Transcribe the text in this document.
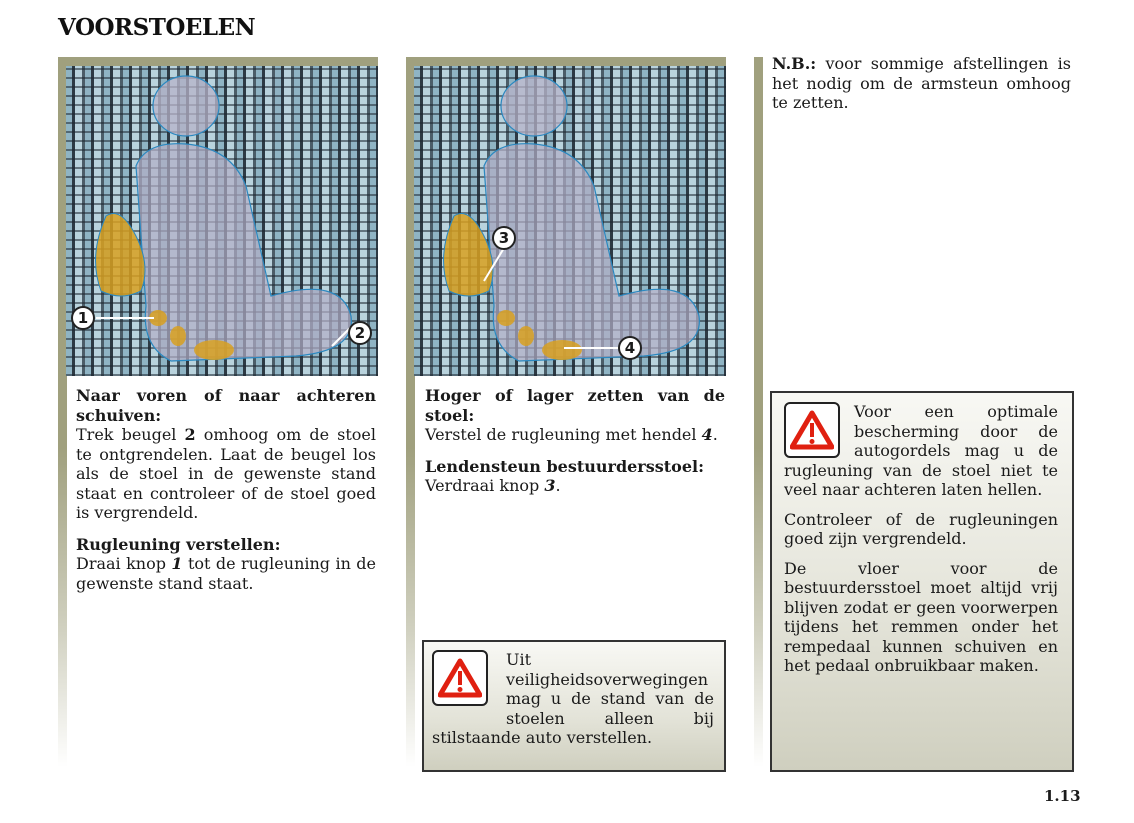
VOORSTOELEN
1
2
Naar voren of naar achteren schuiven:

Trek beugel 2 omhoog om de stoel te ontgrendelen. Laat de beugel los als de stoel in de gewenste stand staat en controleer of de stoel goed is vergrendeld.

Rugleuning verstellen:

Draai knop 1 tot de rugleuning in de gewenste stand staat.

3
4
Hoger of lager zetten van de stoel:

Verstel de rugleuning met hendel 4.

Lendensteun bestuurdersstoel:

Verdraai knop 3.

Uit veiligheidsoverwegingen mag u de stand van de stoelen alleen bij stilstaande auto verstellen.

N.B.: voor sommige afstellingen is het nodig om de armsteun omhoog te zetten.

Voor een optimale bescherming door de autogordels mag u de rugleuning van de stoel niet te veel naar achteren laten hellen.

Controleer of de rugleuningen goed zijn vergrendeld.

De vloer voor de bestuurdersstoel moet altijd vrij blijven zodat er geen voorwerpen tijdens het remmen onder het rempedaal kunnen schuiven en het pedaal onbruikbaar maken.

1.13
